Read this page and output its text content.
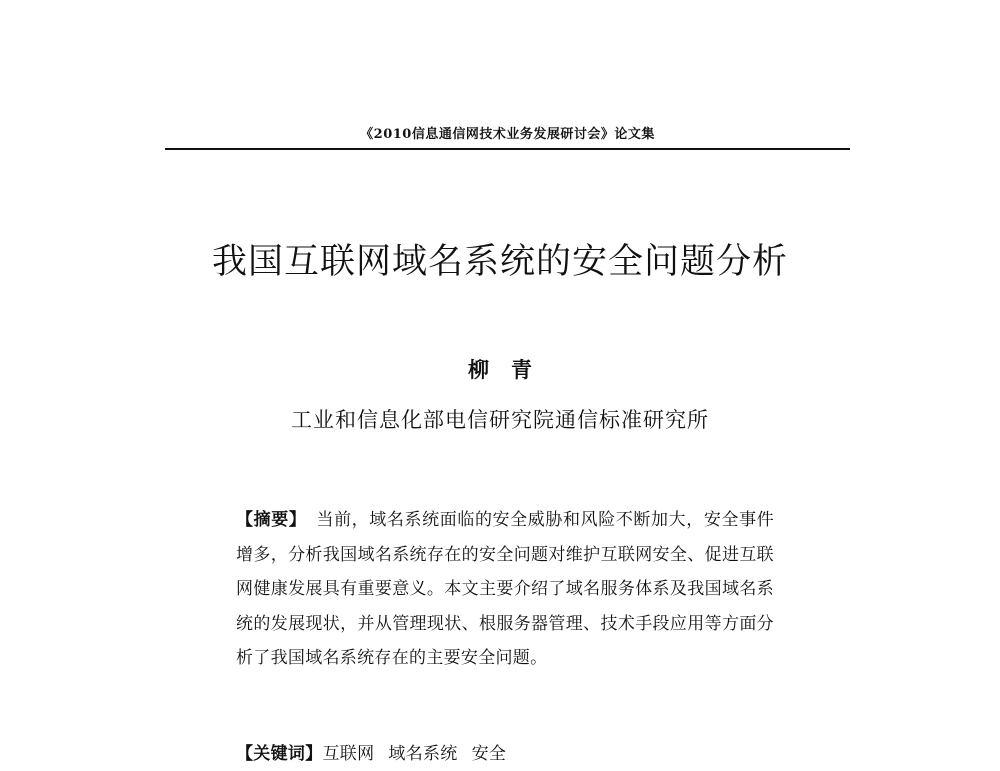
《2010信息通信网技术业务发展研讨会》论文集
我国互联网域名系统的安全问题分析
柳青
工业和信息化部电信研究院通信标准研究所
【摘要】 当前，域名系统面临的安全威胁和风险不断加大，安全事件增多，分析我国域名系统存在的安全问题对维护互联网安全、促进互联网健康发展具有重要意义。本文主要介绍了域名服务体系及我国域名系统的发展现状，并从管理现状、根服务器管理、技术手段应用等方面分析了我国域名系统存在的主要安全问题。
【关键词】互联网 域名系统 安全
